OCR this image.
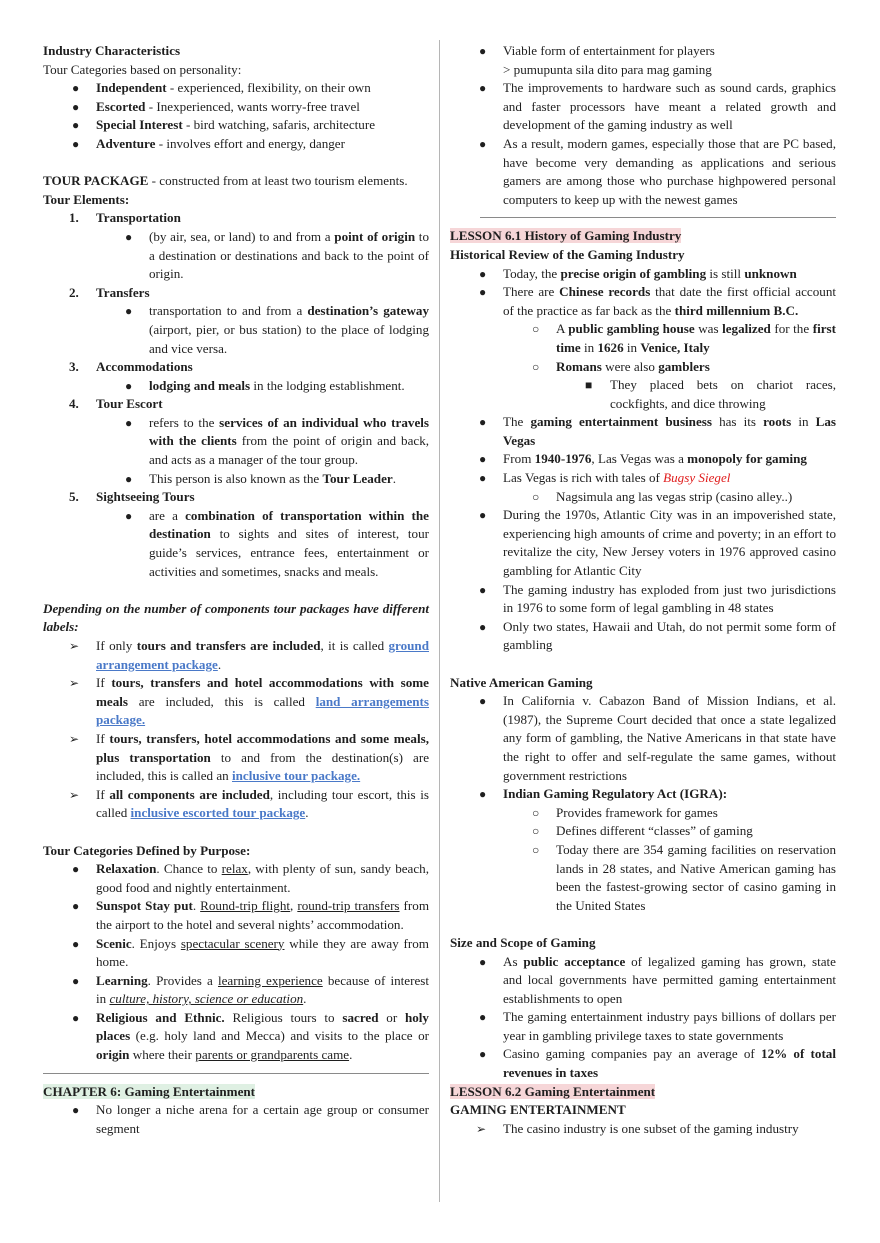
Industry Characteristics
Tour Categories based on personality:
● Independent - experienced, flexibility, on their own
● Escorted - Inexperienced, wants worry-free travel
● Special Interest - bird watching, safaris, architecture
● Adventure - involves effort and energy, danger
TOUR PACKAGE - constructed from at least two tourism elements.
Tour Elements:
1. Transportation
● (by air, sea, or land) to and from a point of origin to a destination or destinations and back to the point of origin.
2. Transfers
● transportation to and from a destination’s gateway (airport, pier, or bus station) to the place of lodging and vice versa.
3. Accommodations
● lodging and meals in the lodging establishment.
4. Tour Escort
● refers to the services of an individual who travels with the clients from the point of origin and back, and acts as a manager of the tour group.
● This person is also known as the Tour Leader.
5. Sightseeing Tours
● are a combination of transportation within the destination to sights and sites of interest, tour guide’s services, entrance fees, entertainment or activities and sometimes, snacks and meals.
Depending on the number of components tour packages have different labels:
➢ If only tours and transfers are included, it is called ground arrangement package.
➢ If tours, transfers and hotel accommodations with some meals are included, this is called land arrangements package.
➢ If tours, transfers, hotel accommodations and some meals, plus transportation to and from the destination(s) are included, this is called an inclusive tour package.
➢ If all components are included, including tour escort, this is called inclusive escorted tour package.
Tour Categories Defined by Purpose:
● Relaxation. Chance to relax, with plenty of sun, sandy beach, good food and nightly entertainment.
● Sunspot Stay put. Round-trip flight, round-trip transfers from the airport to the hotel and several nights’ accommodation.
● Scenic. Enjoys spectacular scenery while they are away from home.
● Learning. Provides a learning experience because of interest in culture, history, science or education.
● Religious and Ethnic. Religious tours to sacred or holy places (e.g. holy land and Mecca) and visits to the place or origin where their parents or grandparents came.
CHAPTER 6: Gaming Entertainment
● No longer a niche arena for a certain age group or consumer segment
● Viable form of entertainment for players
> pumupunta sila dito para mag gaming
● The improvements to hardware such as sound cards, graphics and faster processors have meant a related growth and development of the gaming industry as well
● As a result, modern games, especially those that are PC based, have become very demanding as applications and serious gamers are among those who purchase highpowered personal computers to keep up with the newest games
LESSON 6.1 History of Gaming Industry
Historical Review of the Gaming Industry
● Today, the precise origin of gambling is still unknown
● There are Chinese records that date the first official account of the practice as far back as the third millennium B.C.
○ A public gambling house was legalized for the first time in 1626 in Venice, Italy
○ Romans were also gamblers
■ They placed bets on chariot races, cockfights, and dice throwing
● The gaming entertainment business has its roots in Las Vegas
● From 1940-1976, Las Vegas was a monopoly for gaming
● Las Vegas is rich with tales of Bugsy Siegel
○ Nagsimula ang las vegas strip (casino alley..)
● During the 1970s, Atlantic City was in an impoverished state, experiencing high amounts of crime and poverty; in an effort to revitalize the city, New Jersey voters in 1976 approved casino gambling for Atlantic City
● The gaming industry has exploded from just two jurisdictions in 1976 to some form of legal gambling in 48 states
● Only two states, Hawaii and Utah, do not permit some form of gambling
Native American Gaming
● In California v. Cabazon Band of Mission Indians, et al. (1987), the Supreme Court decided that once a state legalized any form of gambling, the Native Americans in that state have the right to offer and self-regulate the same games, without government restrictions
● Indian Gaming Regulatory Act (IGRA):
○ Provides framework for games
○ Defines different “classes” of gaming
○ Today there are 354 gaming facilities on reservation lands in 28 states, and Native American gaming has been the fastest-growing sector of casino gaming in the United States
Size and Scope of Gaming
● As public acceptance of legalized gaming has grown, state and local governments have permitted gaming entertainment establishments to open
● The gaming entertainment industry pays billions of dollars per year in gambling privilege taxes to state governments
● Casino gaming companies pay an average of 12% of total revenues in taxes
LESSON 6.2 Gaming Entertainment
GAMING ENTERTAINMENT
➢ The casino industry is one subset of the gaming industry
